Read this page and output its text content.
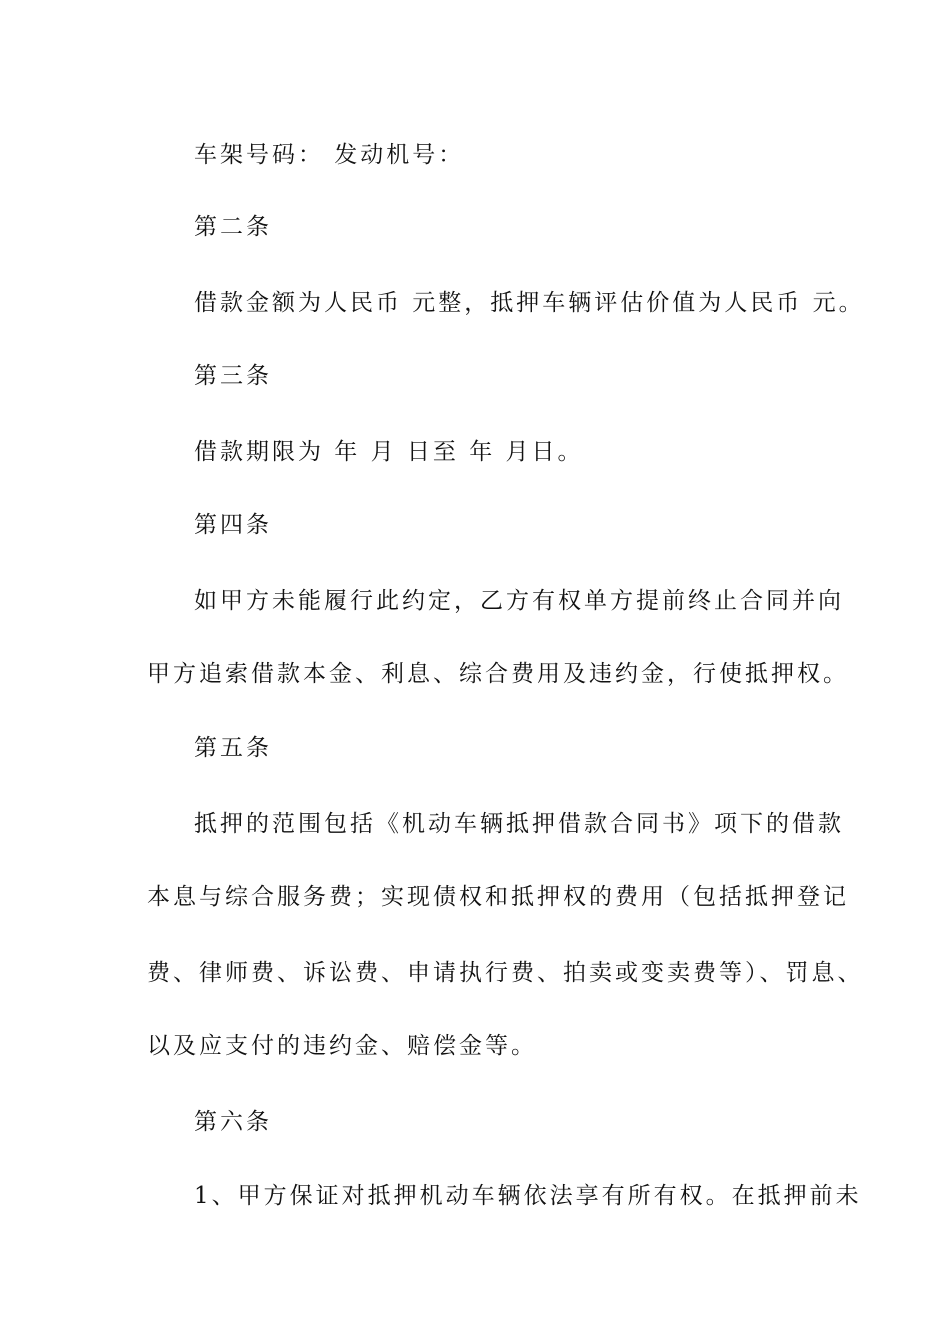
车架号码： 发动机号：
第二条
借款金额为人民币 元整，抵押车辆评估价值为人民币 元。
第三条
借款期限为 年 月 日至 年 月日。
第四条
如甲方未能履行此约定，乙方有权单方提前终止合同并向
甲方追索借款本金、利息、综合费用及违约金，行使抵押权。
第五条
抵押的范围包括《机动车辆抵押借款合同书》项下的借款
本息与综合服务费；实现债权和抵押权的费用（包括抵押登记
费、律师费、诉讼费、申请执行费、拍卖或变卖费等）、罚息、
以及应支付的违约金、赔偿金等。
第六条
1、甲方保证对抵押机动车辆依法享有所有权。在抵押前未
